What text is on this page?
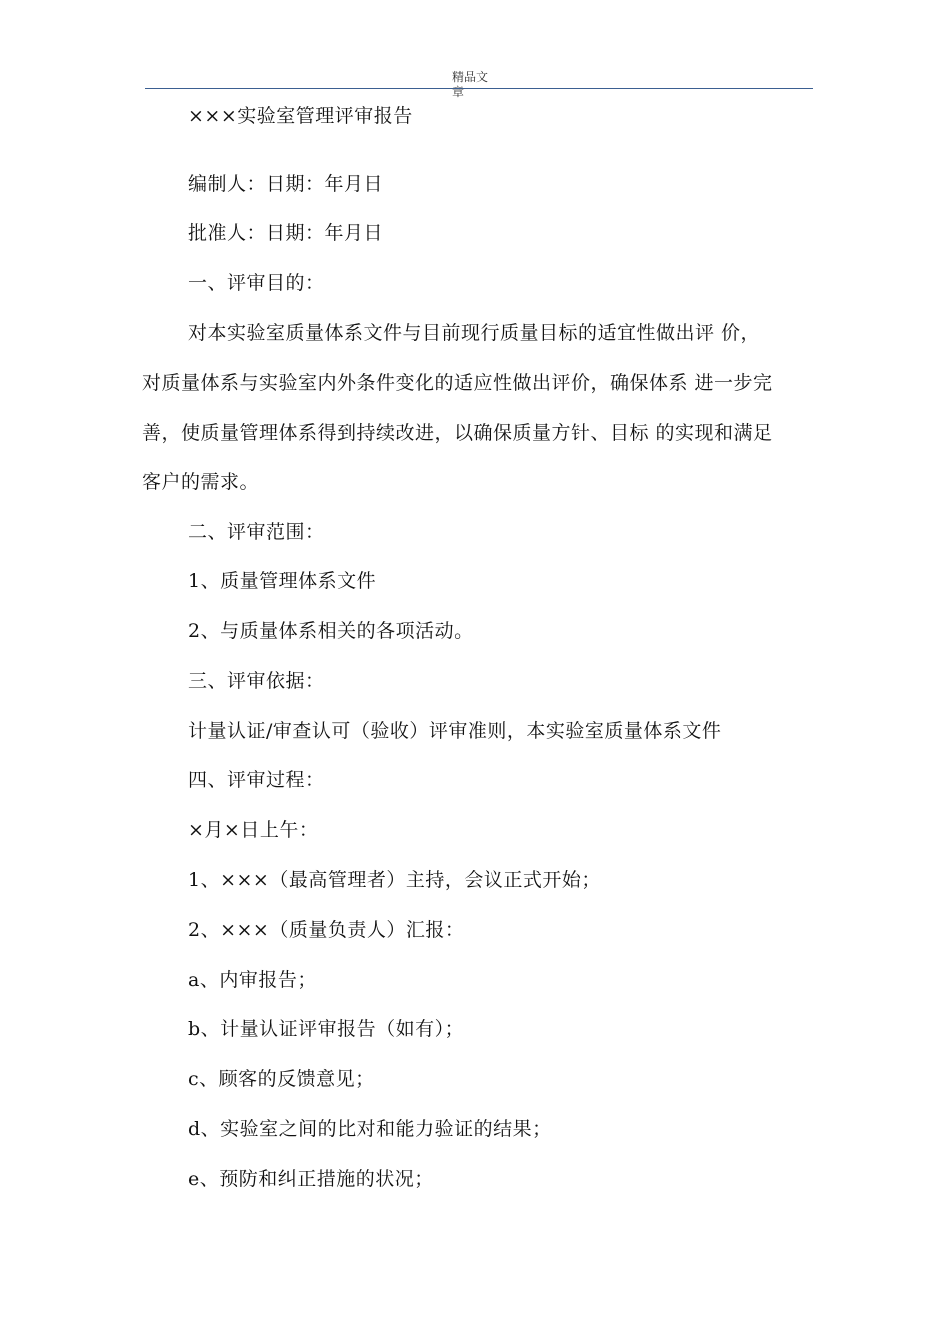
精品文章
×××实验室管理评审报告
编制人：日期：年月日
批准人：日期：年月日
一、评审目的：
对本实验室质量体系文件与目前现行质量目标的适宜性做出评 价，
对质量体系与实验室内外条件变化的适应性做出评价，确保体系 进一步完
善，使质量管理体系得到持续改进，以确保质量方针、目标 的实现和满足
客户的需求。
二、评审范围：
1、质量管理体系文件
2、与质量体系相关的各项活动。
三、评审依据：
计量认证/审查认可（验收）评审准则，本实验室质量体系文件
四、评审过程：
×月×日上午：
1、×××（最高管理者）主持，会议正式开始；
2、×××（质量负责人）汇报：
a、内审报告；
b、计量认证评审报告（如有）；
c、顾客的反馈意见；
d、实验室之间的比对和能力验证的结果；
e、预防和纠正措施的状况；
